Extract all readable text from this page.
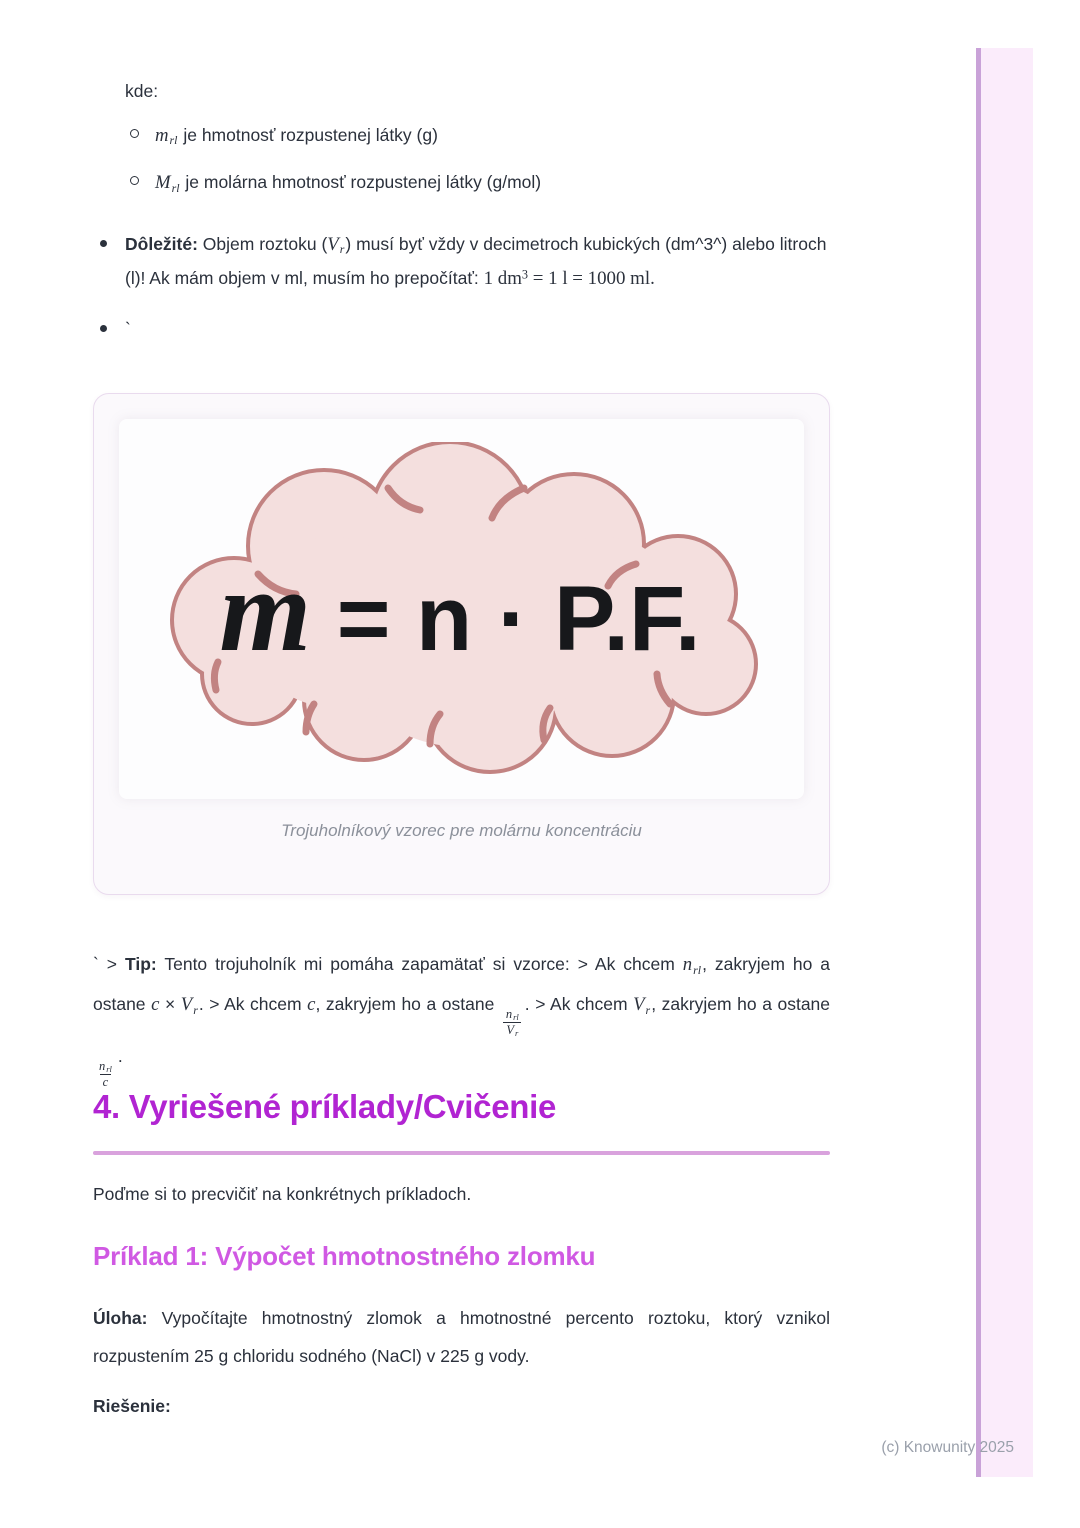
kde:

$m_{rl}$ je hmotnosť rozpustenej látky (g)
$M_{rl}$ je molárna hmotnosť rozpustenej látky (g/mol)

Dôležité: Objem roztoku $(V_r)$ musí byť vždy v decimetroch kubických (dm^3^) alebo litroch (l)! Ak mám objem v ml, musím ho prepočítať: 1 $dm^3 = 1$ l = 1000 ml.

`

m = n · P.F.
Trojuholníkový vzorec pre molárnu koncentráciu

` > Tip: Tento trojuholník mi pomáha zapamätať si vzorce: > Ak chcem $n_{rl}$, zakryjem ho a ostane $c \times V_r$. > Ak chcem c, zakryjem ho a ostane
$\frac{n_{rl}}{V_r}$
. > Ak chcem $V_r$, zakryjem ho a ostane
$\frac{n_{rl}}{c}$
.

4. Vyriešené príklady/Cvičenie

Poďme si to precvičiť na konkrétnych príkladoch.

Príklad 1: Výpočet hmotnostného zlomku

Úloha: Vypočítajte hmotnostný zlomok a hmotnostné percento roztoku, ktorý vznikol rozpustením 25 g chloridu sodného (NaCl) v 225 g vody.

Riešenie:

(c) Knowunity 2025
